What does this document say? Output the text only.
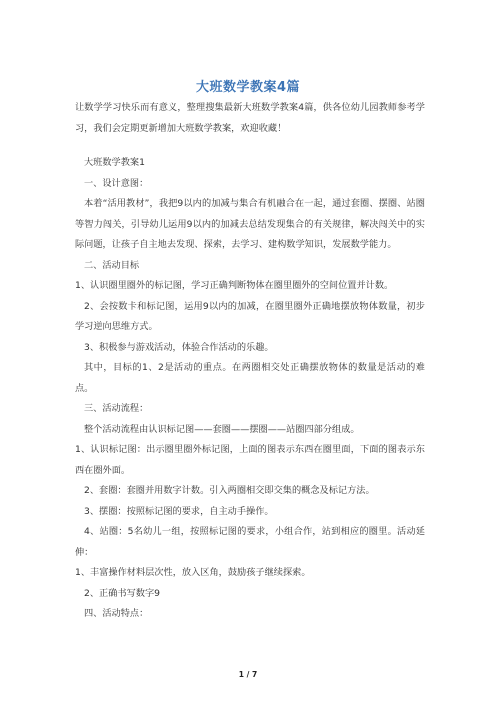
大班数学教案4篇

让数学学习快乐而有意义，整理搜集最新大班数学教案4篇，供各位幼儿园教师参考学习，我们会定期更新增加大班数学教案，欢迎收藏！

大班数学教案1

一、设计意图：

本着“活用教材”，我把9以内的加减与集合有机融合在一起，通过套圈、摆圈、站圈等智力闯关，引导幼儿运用9以内的加减去总结发现集合的有关规律，解决闯关中的实际问题，让孩子自主地去发现、探索，去学习、建构数学知识，发展数学能力。

二、活动目标

1、认识圈里圈外的标记图，学习正确判断物体在圈里圈外的空间位置并计数。

2、会按数卡和标记图，运用9以内的加减，在圈里圈外正确地摆放物体数量，初步学习逆向思维方式。

3、积极参与游戏活动，体验合作活动的乐趣。

其中，目标的1、2是活动的重点。在两圈相交处正确摆放物体的数量是活动的难点。

三、活动流程：

整个活动流程由认识标记图——套圈——摆圈——站圈四部分组成。

1、认识标记图：出示圈里圈外标记图，上面的图表示东西在圈里面，下面的图表示东西在圈外面。

2、套圈：套圈并用数字计数。引入两圈相交即交集的概念及标记方法。

3、摆圈：按照标记图的要求，自主动手操作。

4、站圈：5名幼儿一组，按照标记图的要求，小组合作，站到相应的圈里。活动延伸：

1、丰富操作材料层次性，放入区角，鼓励孩子继续探索。

2、正确书写数字9

四、活动特点：

1 / 7
